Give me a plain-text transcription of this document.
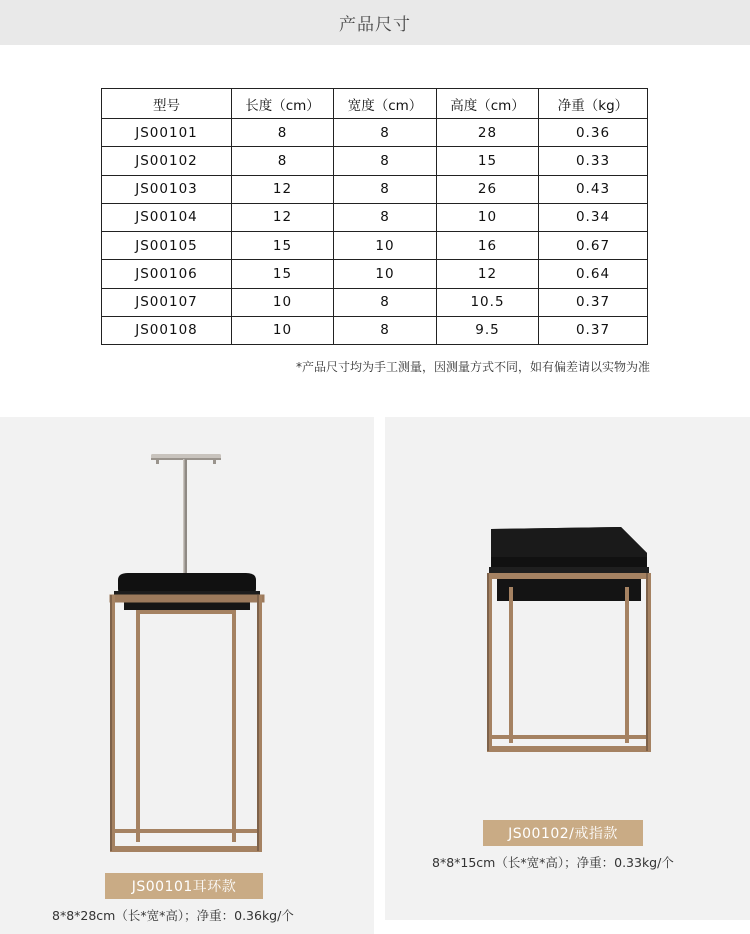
产品尺寸
型号	长度（cm）	宽度（cm）	高度（cm）	净重（kg）
JS00101	8	8	28	0.36
JS00102	8	8	15	0.33
JS00103	12	8	26	0.43
JS00104	12	8	10	0.34
JS00105	15	10	16	0.67
JS00106	15	10	12	0.64
JS00107	10	8	10.5	0.37
JS00108	10	8	9.5	0.37
*产品尺寸均为手工测量，因测量方式不同，如有偏差请以实物为准
JS00101耳环款
8*8*28cm（长*宽*高）；净重：0.36kg/个
JS00102/戒指款
8*8*15cm（长*宽*高）；净重：0.33kg/个
